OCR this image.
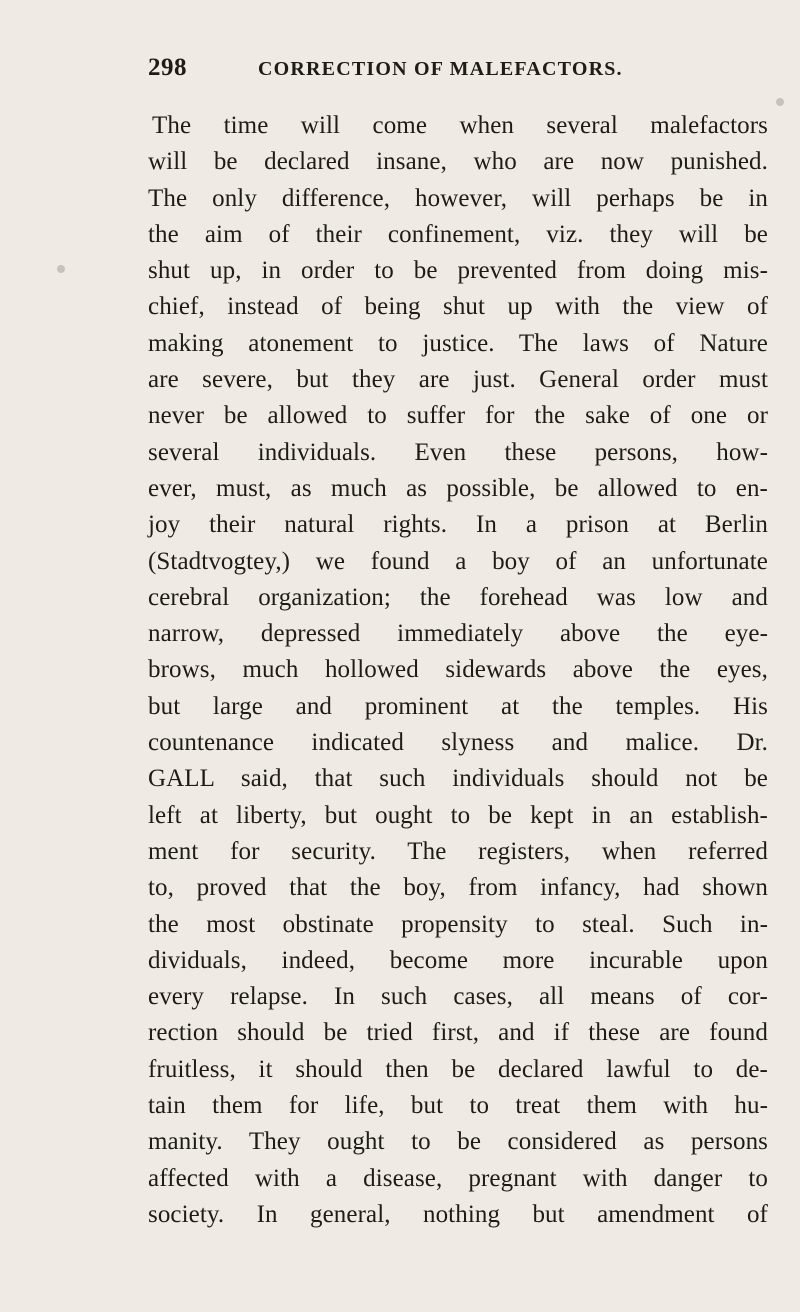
298	CORRECTION OF MALEFACTORS.
The time will come when several malefactors
will be declared insane, who are now punished.
The only difference, however, will perhaps be in
the aim of their confinement, viz. they will be
shut up, in order to be prevented from doing mis-
chief, instead of being shut up with the view of
making atonement to justice. The laws of Nature
are severe, but they are just. General order must
never be allowed to suffer for the sake of one or
several individuals. Even these persons, how-
ever, must, as much as possible, be allowed to en-
joy their natural rights. In a prison at Berlin
(Stadtvogtey,) we found a boy of an unfortunate
cerebral organization; the forehead was low and
narrow, depressed immediately above the eye-
brows, much hollowed sidewards above the eyes,
but large and prominent at the temples. His
countenance indicated slyness and malice. Dr.
GALL said, that such individuals should not be
left at liberty, but ought to be kept in an establish-
ment for security. The registers, when referred
to, proved that the boy, from infancy, had shown
the most obstinate propensity to steal. Such in-
dividuals, indeed, become more incurable upon
every relapse. In such cases, all means of cor-
rection should be tried first, and if these are found
fruitless, it should then be declared lawful to de-
tain them for life, but to treat them with hu-
manity. They ought to be considered as persons
affected with a disease, pregnant with danger to
society. In general, nothing but amendment of
